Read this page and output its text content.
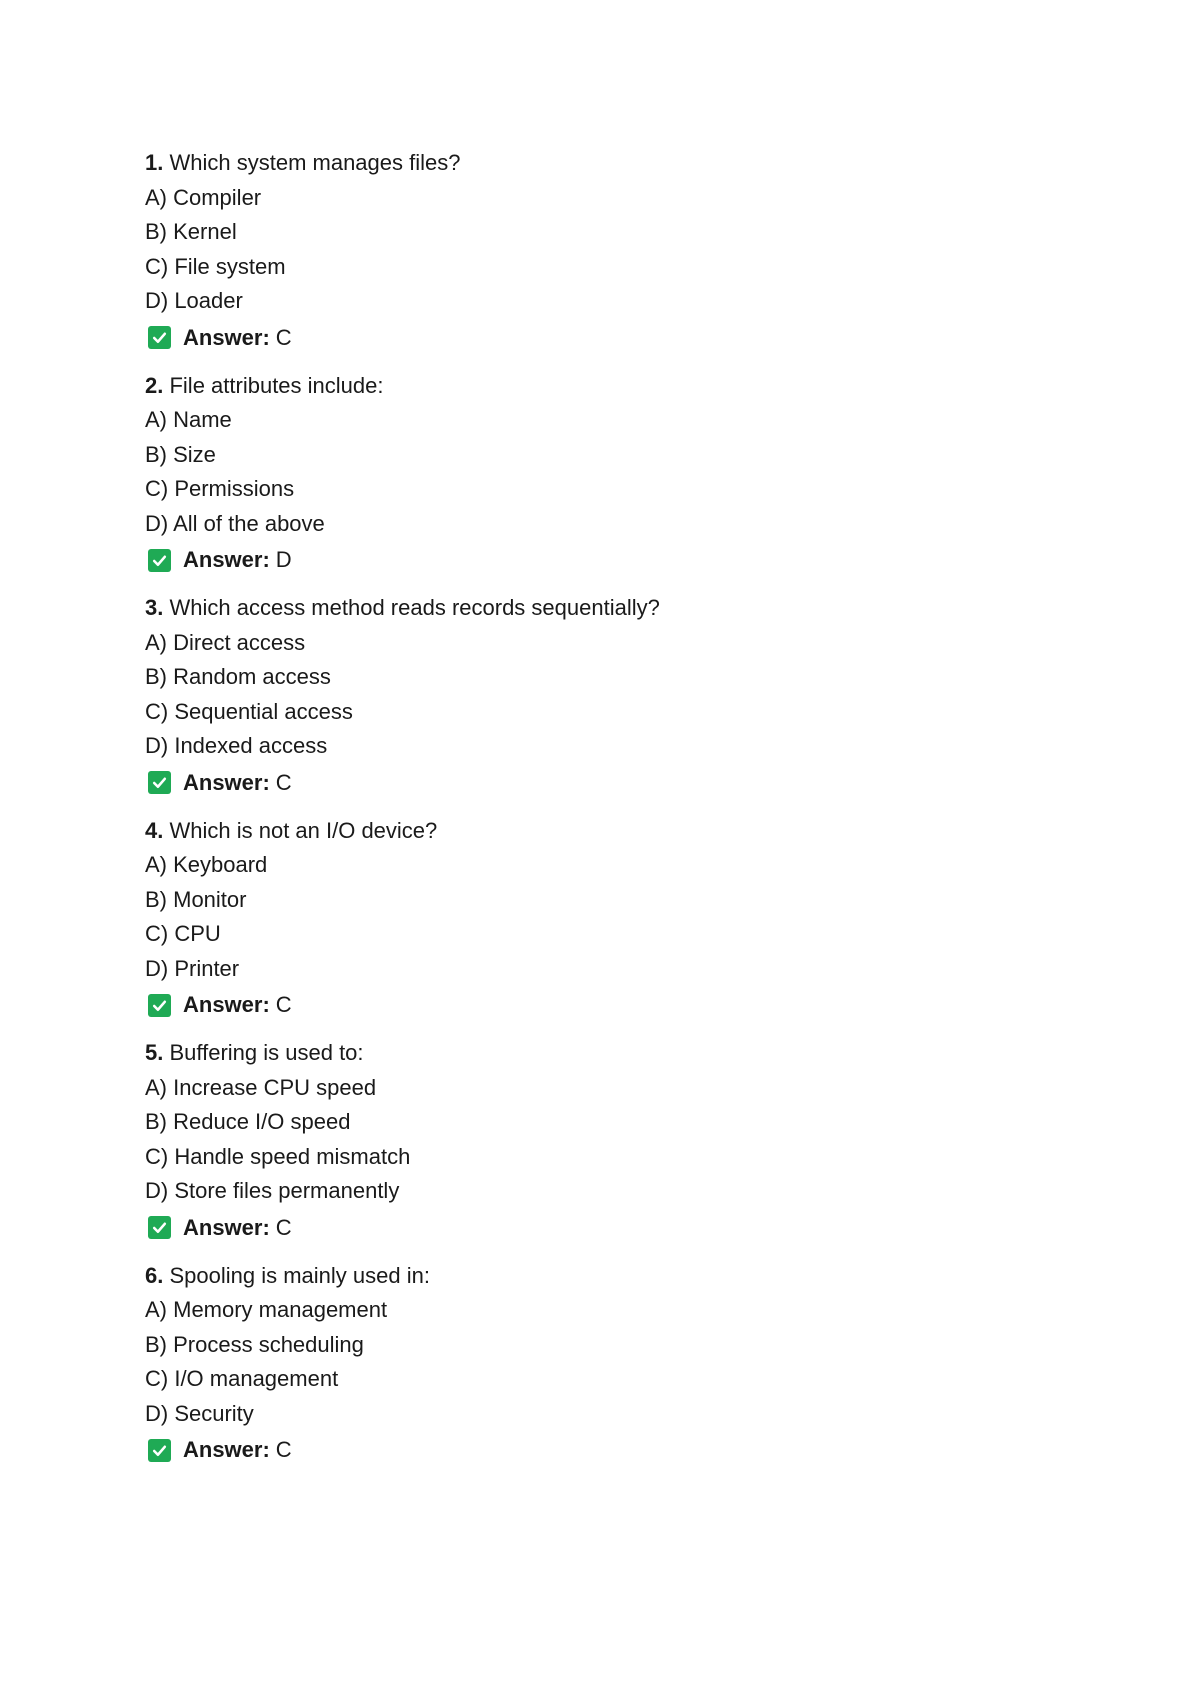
1. Which system manages files?
A) Compiler
B) Kernel
C) File system
D) Loader
Answer: C
2. File attributes include:
A) Name
B) Size
C) Permissions
D) All of the above
Answer: D
3. Which access method reads records sequentially?
A) Direct access
B) Random access
C) Sequential access
D) Indexed access
Answer: C
4. Which is not an I/O device?
A) Keyboard
B) Monitor
C) CPU
D) Printer
Answer: C
5. Buffering is used to:
A) Increase CPU speed
B) Reduce I/O speed
C) Handle speed mismatch
D) Store files permanently
Answer: C
6. Spooling is mainly used in:
A) Memory management
B) Process scheduling
C) I/O management
D) Security
Answer: C
